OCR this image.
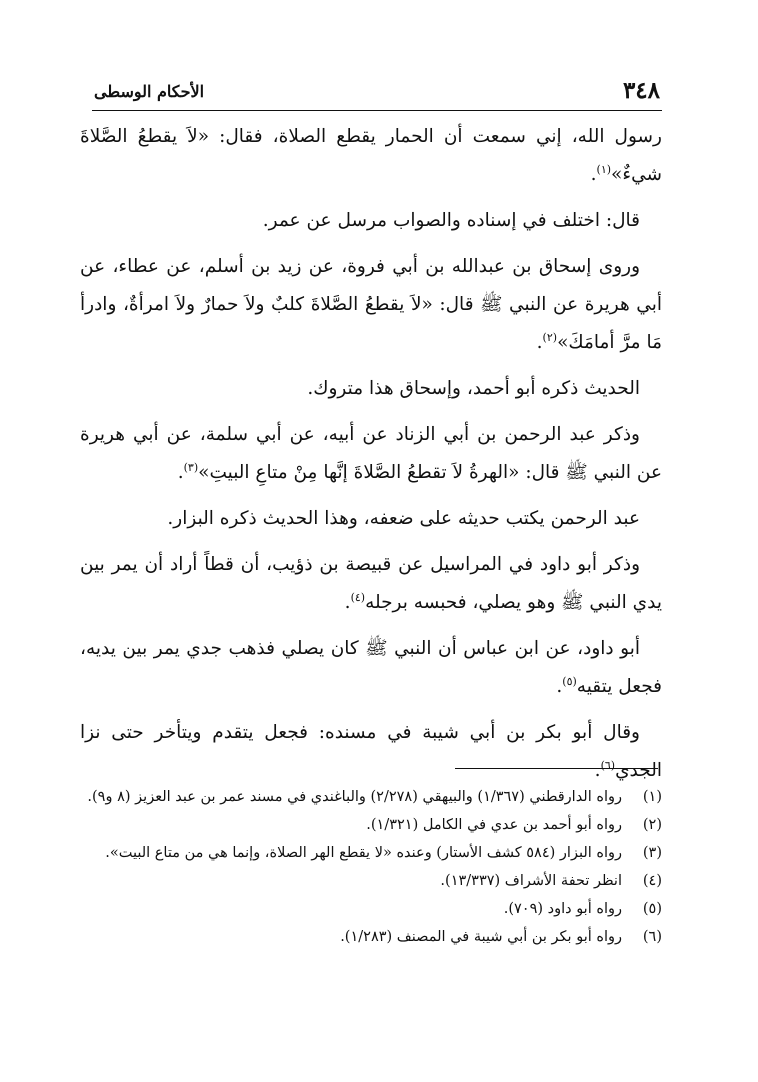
٣٤٨
الأحكام الوسطى

رسول الله، إني سمعت أن الحمار يقطع الصلاة، فقال: «لاَ يقطعُ الصَّلاةَ شيءٌ»$^{(١)}$.

قال: اختلف في إسناده والصواب مرسل عن عمر.

وروى إسحاق بن عبدالله بن أبي فروة، عن زيد بن أسلم، عن عطاء، عن أبي هريرة عن النبي ﷺ قال: «لاَ يقطعُ الصَّلاةَ كلبٌ ولاَ حمارٌ ولاَ امرأةٌ، وادرأ مَا مرَّ أمامَكَ»$^{(٢)}$.

الحديث ذكره أبو أحمد، وإسحاق هذا متروك.

وذكر عبد الرحمن بن أبي الزناد عن أبيه، عن أبي سلمة، عن أبي هريرة عن النبي ﷺ قال: «الهرةُ لاَ تقطعُ الصَّلاةَ إنَّها مِنْ متاعِ البيتِ»$^{(٣)}$.

عبد الرحمن يكتب حديثه على ضعفه، وهذا الحديث ذكره البزار.

وذكر أبو داود في المراسيل عن قبيصة بن ذؤيب، أن قطاً أراد أن يمر بين يدي النبي ﷺ وهو يصلي، فحبسه برجله$^{(٤)}$.

أبو داود، عن ابن عباس أن النبي ﷺ كان يصلي فذهب جدي يمر بين يديه، فجعل يتقيه$^{(٥)}$.

وقال أبو بكر بن أبي شيبة في مسنده: فجعل يتقدم ويتأخر حتى نزا الجدي$^{(٦)}$.

(١)
رواه الدارقطني (١/٣٦٧) والبيهقي (٢/٢٧٨) والباغندي في مسند عمر بن عبد العزيز (٨ و٩).
(٢)
رواه أبو أحمد بن عدي في الكامل (١/٣٢١).
(٣)
رواه البزار (٥٨٤ كشف الأستار) وعنده «لا يقطع الهر الصلاة، وإنما هي من متاع البيت».
(٤)
انظر تحفة الأشراف (١٣/٣٣٧).
(٥)
رواه أبو داود (٧٠٩).
(٦)
رواه أبو بكر بن أبي شيبة في المصنف (١/٢٨٣).
